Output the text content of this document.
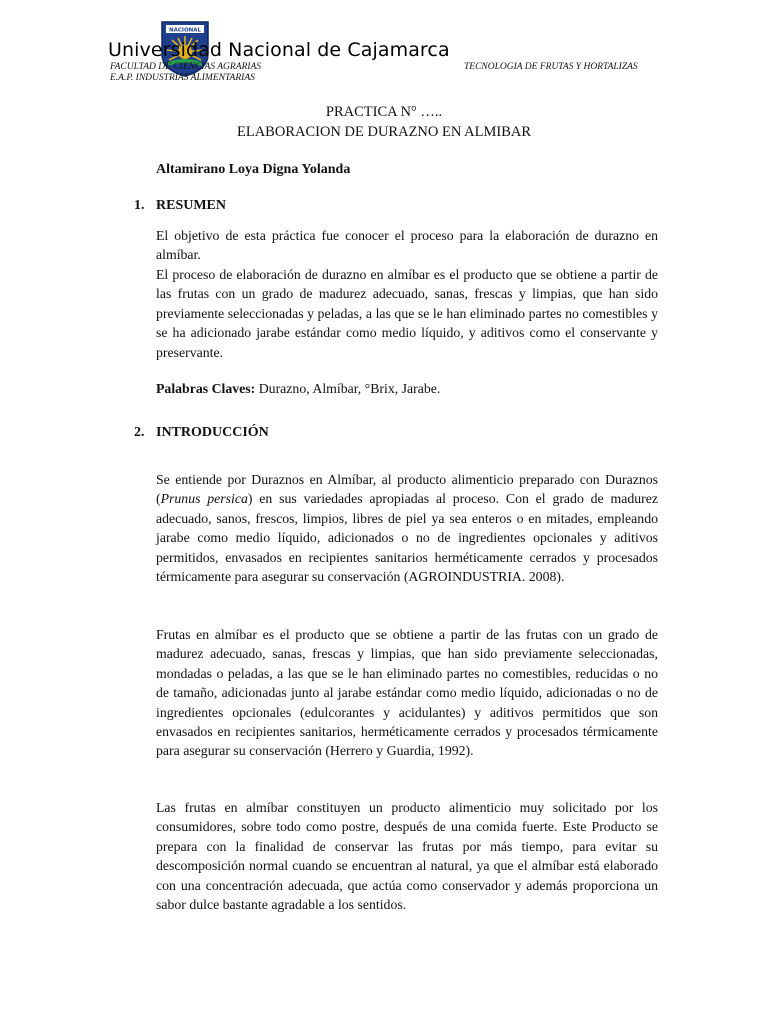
NACIONAL
Universidad Nacional de Cajamarca
FACULTAD DE CIENCIAS AGRARIAS	TECNOLOGIA DE FRUTAS Y HORTALIZAS
E.A.P. INDUSTRIAS ALIMENTARIAS
PRACTICA N° …..
ELABORACION DE DURAZNO EN ALMIBAR
Altamirano Loya Digna Yolanda
1. RESUMEN

El objetivo de esta práctica fue conocer el proceso para la elaboración de durazno en almíbar.

El proceso de elaboración de durazno en almíbar es el producto que se obtiene a partir de las frutas con un grado de madurez adecuado, sanas, frescas y limpias, que han sido previamente seleccionadas y peladas, a las que se le han eliminado partes no comestibles y se ha adicionado jarabe estándar como medio líquido, y aditivos como el conservante y preservante.

Palabras Claves: Durazno, Almíbar, °Brix, Jarabe.

2. INTRODUCCIÓN

Se entiende por Duraznos en Almíbar, al producto alimenticio preparado con Duraznos (Prunus persica) en sus variedades apropiadas al proceso. Con el grado de madurez adecuado, sanos, frescos, limpios, libres de piel ya sea enteros o en mitades, empleando jarabe como medio líquido, adicionados o no de ingredientes opcionales y aditivos permitidos, envasados en recipientes sanitarios herméticamente cerrados y procesados térmicamente para asegurar su conservación (AGROINDUSTRIA. 2008).

Frutas en almíbar es el producto que se obtiene a partir de las frutas con un grado de madurez adecuado, sanas, frescas y limpias, que han sido previamente seleccionadas, mondadas o peladas, a las que se le han eliminado partes no comestibles, reducidas o no de tamaño, adicionadas junto al jarabe estándar como medio líquido, adicionadas o no de ingredientes opcionales (edulcorantes y acidulantes) y aditivos permitidos que son envasados en recipientes sanitarios, herméticamente cerrados y procesados térmicamente para asegurar su conservación (Herrero y Guardia, 1992).

Las frutas en almíbar constituyen un producto alimenticio muy solicitado por los consumidores, sobre todo como postre, después de una comida fuerte. Este Producto se prepara con la finalidad de conservar las frutas por más tiempo, para evitar su descomposición normal cuando se encuentran al natural, ya que el almíbar está elaborado con una concentración adecuada, que actúa como conservador y además proporciona un sabor dulce bastante agradable a los sentidos.
